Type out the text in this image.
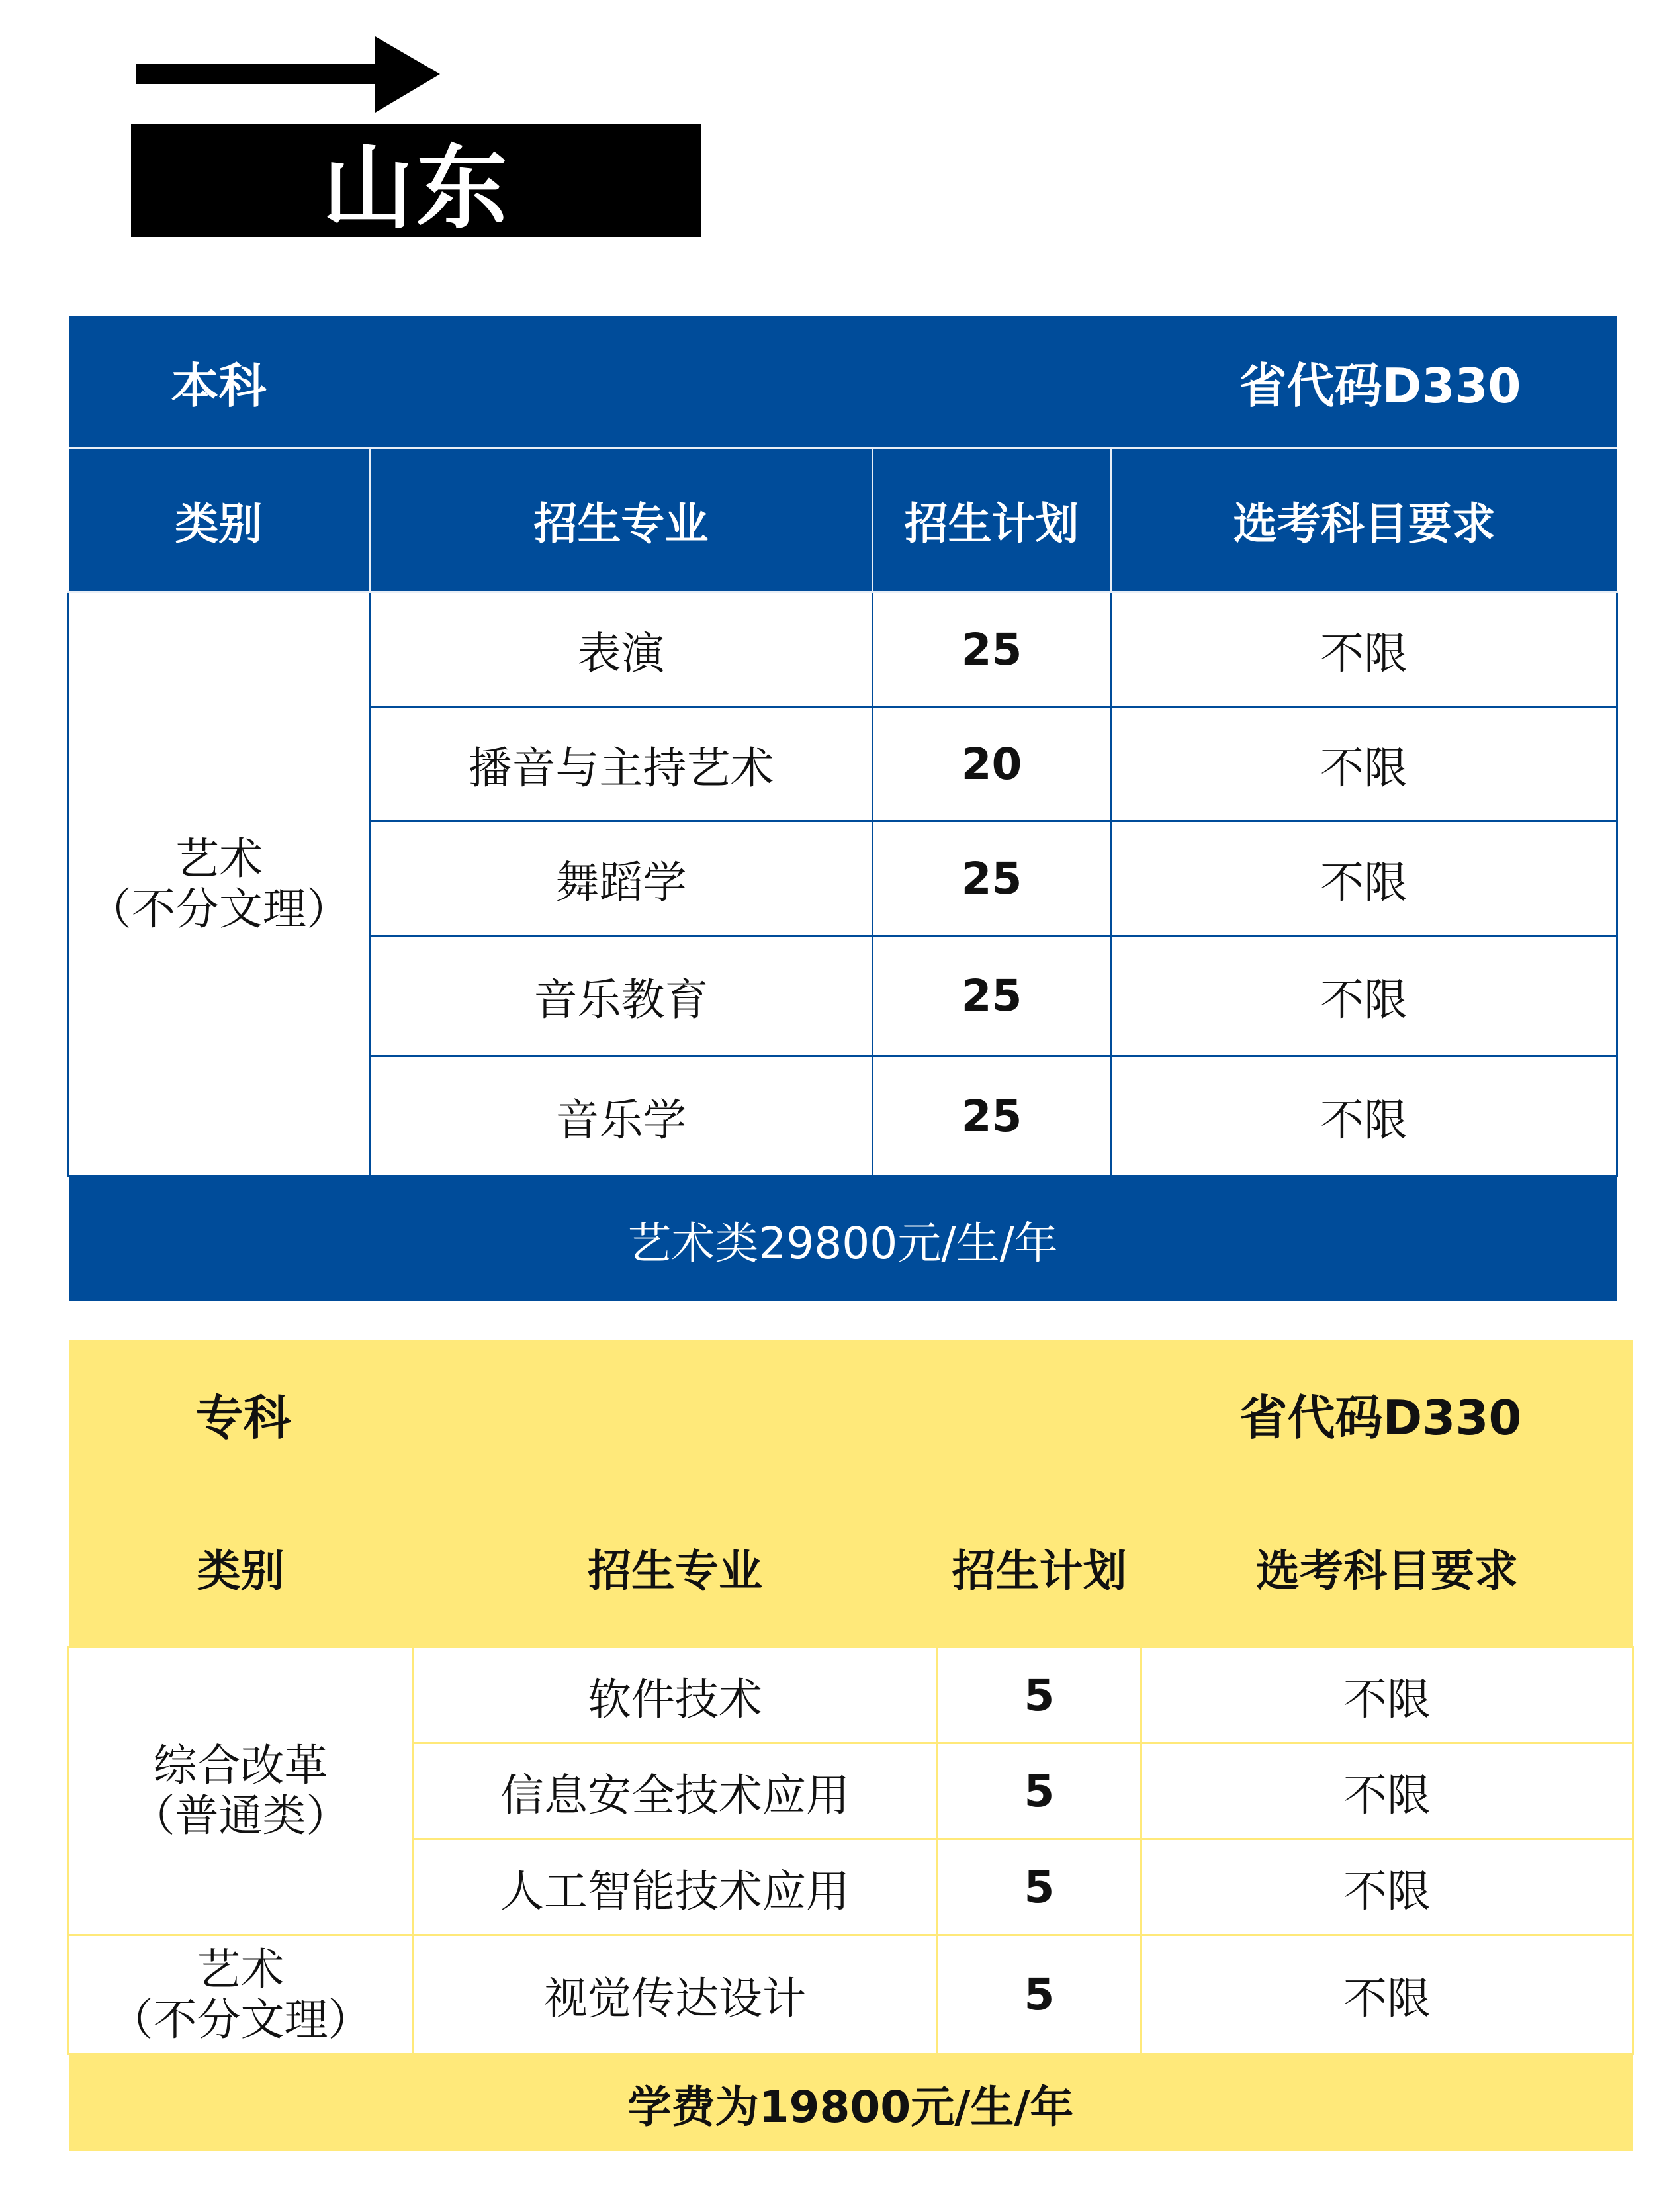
山东
本科		省代码D330	
类别	招生专业	招生计划	选考科目要求

艺术
（不分文理）	表演	25	不限
	播音与主持艺术	20	不限
	舞蹈学	25	不限
	音乐教育	25	不限
	音乐学	25	不限
艺术类29800元/生/年			
专科		省代码D330	
类别	招生专业	招生计划	选考科目要求

综合改革
（普通类）	软件技术	5	不限
	信息安全技术应用	5	不限
	人工智能技术应用	5	不限

艺术
（不分文理）	视觉传达设计	5	不限
学费为19800元/生/年			
